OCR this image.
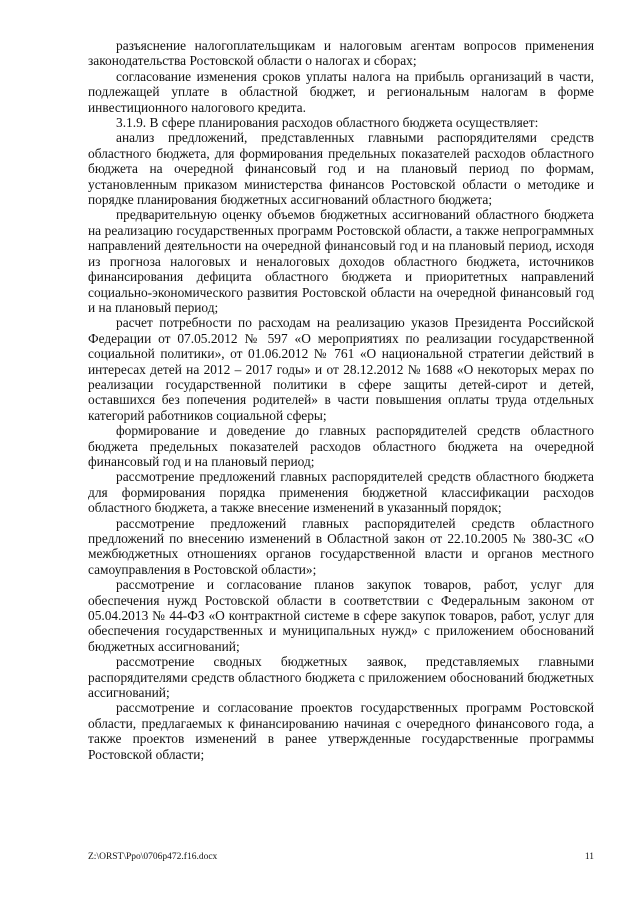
разъяснение налогоплательщикам и налоговым агентам вопросов применения законодательства Ростовской области о налогах и сборах;

согласование изменения сроков уплаты налога на прибыль организаций в части, подлежащей уплате в областной бюджет, и региональным налогам в форме инвестиционного налогового кредита.

3.1.9. В сфере планирования расходов областного бюджета осуществляет:

анализ предложений, представленных главными распорядителями средств областного бюджета, для формирования предельных показателей расходов областного бюджета на очередной финансовый год и на плановый период по формам, установленным приказом министерства финансов Ростовской области о методике и порядке планирования бюджетных ассигнований областного бюджета;

предварительную оценку объемов бюджетных ассигнований областного бюджета на реализацию государственных программ Ростовской области, а также непрограммных направлений деятельности на очередной финансовый год и на плановый период, исходя из прогноза налоговых и неналоговых доходов областного бюджета, источников финансирования дефицита областного бюджета и приоритетных направлений социально-экономического развития Ростовской области на очередной финансовый год и на плановый период;

расчет потребности по расходам на реализацию указов Президента Российской Федерации от 07.05.2012 № 597 «О мероприятиях по реализации государственной социальной политики», от 01.06.2012 № 761 «О национальной стратегии действий в интересах детей на 2012 – 2017 годы» и от 28.12.2012 № 1688 «О некоторых мерах по реализации государственной политики в сфере защиты детей-сирот и детей, оставшихся без попечения родителей» в части повышения оплаты труда отдельных категорий работников социальной сферы;

формирование и доведение до главных распорядителей средств областного бюджета предельных показателей расходов областного бюджета на очередной финансовый год и на плановый период;

рассмотрение предложений главных распорядителей средств областного бюджета для формирования порядка применения бюджетной классификации расходов областного бюджета, а также внесение изменений в указанный порядок;

рассмотрение предложений главных распорядителей средств областного предложений по внесению изменений в Областной закон от 22.10.2005 № 380-ЗС «О межбюджетных отношениях органов государственной власти и органов местного самоуправления в Ростовской области»;

рассмотрение и согласование планов закупок товаров, работ, услуг для обеспечения нужд Ростовской области в соответствии с Федеральным законом от 05.04.2013 № 44-ФЗ «О контрактной системе в сфере закупок товаров, работ, услуг для обеспечения государственных и муниципальных нужд» с приложением обоснований бюджетных ассигнований;

рассмотрение сводных бюджетных заявок, представляемых главными распорядителями средств областного бюджета с приложением обоснований бюджетных ассигнований;

рассмотрение и согласование проектов государственных программ Ростовской области, предлагаемых к финансированию начиная с очередного финансового года, а также проектов изменений в ранее утвержденные государственные программы Ростовской области;

Z:\ORST\Ppo\0706p472.f16.docx	11
